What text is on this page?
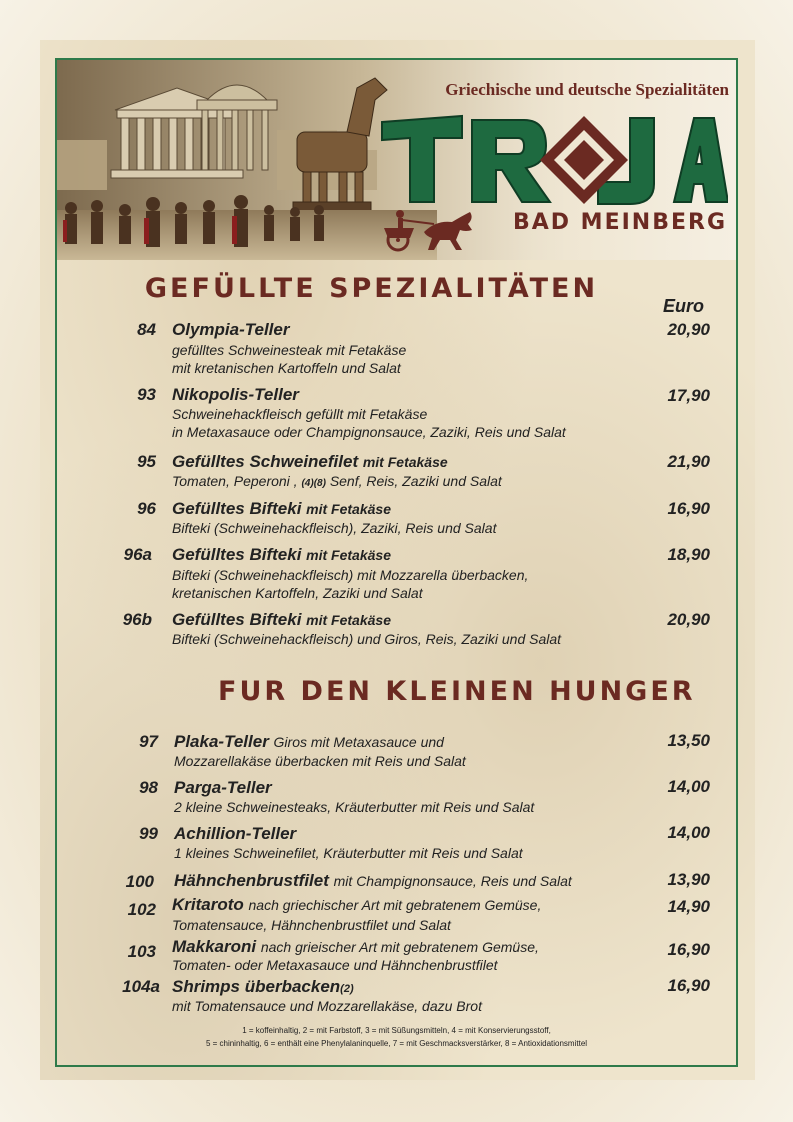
Griechische und deutsche Spezialitäten
BAD MEINBERG
GEFÜLLTE SPEZIALITÄTEN
Euro
84 Olympia-Teller
gefülltes Schweinesteak mit Fetakäse
mit kretanischen Kartoffeln und Salat
20,90
93 Nikopolis-Teller
Schweinehackfleisch gefüllt mit Fetakäse
in Metaxasauce oder Champignonsauce, Zaziki, Reis und Salat
17,90
95 Gefülltes Schweinefilet mit Fetakäse
Tomaten, Peperoni , (4)(8) Senf, Reis, Zaziki und Salat
21,90
96 Gefülltes Bifteki mit Fetakäse
Bifteki (Schweinehackfleisch), Zaziki, Reis und Salat
16,90
96a Gefülltes Bifteki mit Fetakäse
Bifteki (Schweinehackfleisch) mit Mozzarella überbacken,
kretanischen Kartoffeln, Zaziki und Salat
18,90
96b Gefülltes Bifteki mit Fetakäse
Bifteki (Schweinehackfleisch) und Giros, Reis, Zaziki und Salat
20,90
FUR DEN KLEINEN HUNGER
97 Plaka-Teller Giros mit Metaxasauce und
Mozzarellakäse überbacken mit Reis und Salat
13,50
98 Parga-Teller
2 kleine Schweinesteaks, Kräuterbutter mit Reis und Salat
14,00
99 Achillion-Teller
1 kleines Schweinefilet, Kräuterbutter mit Reis und Salat
14,00
100 Hähnchenbrustfilet mit Champignonsauce, Reis und Salat	13,90
102 Kritaroto nach griechischer Art mit gebratenem Gemüse,
Tomatensauce, Hähnchenbrustfilet und Salat
14,90
103 Makkaroni nach grieischer Art mit gebratenem Gemüse,
Tomaten- oder Metaxasauce und Hähnchenbrustfilet
16,90
104a Shrimps überbacken(2)
mit Tomatensauce und Mozzarellakäse, dazu Brot
16,90
1 = koffeinhaltig, 2 = mit Farbstoff, 3 = mit Süßungsmitteln, 4 = mit Konservierungsstoff,
5 = chininhaltig, 6 = enthält eine Phenylalaninquelle, 7 = mit Geschmacksverstärker, 8 = Antioxidationsmittel
